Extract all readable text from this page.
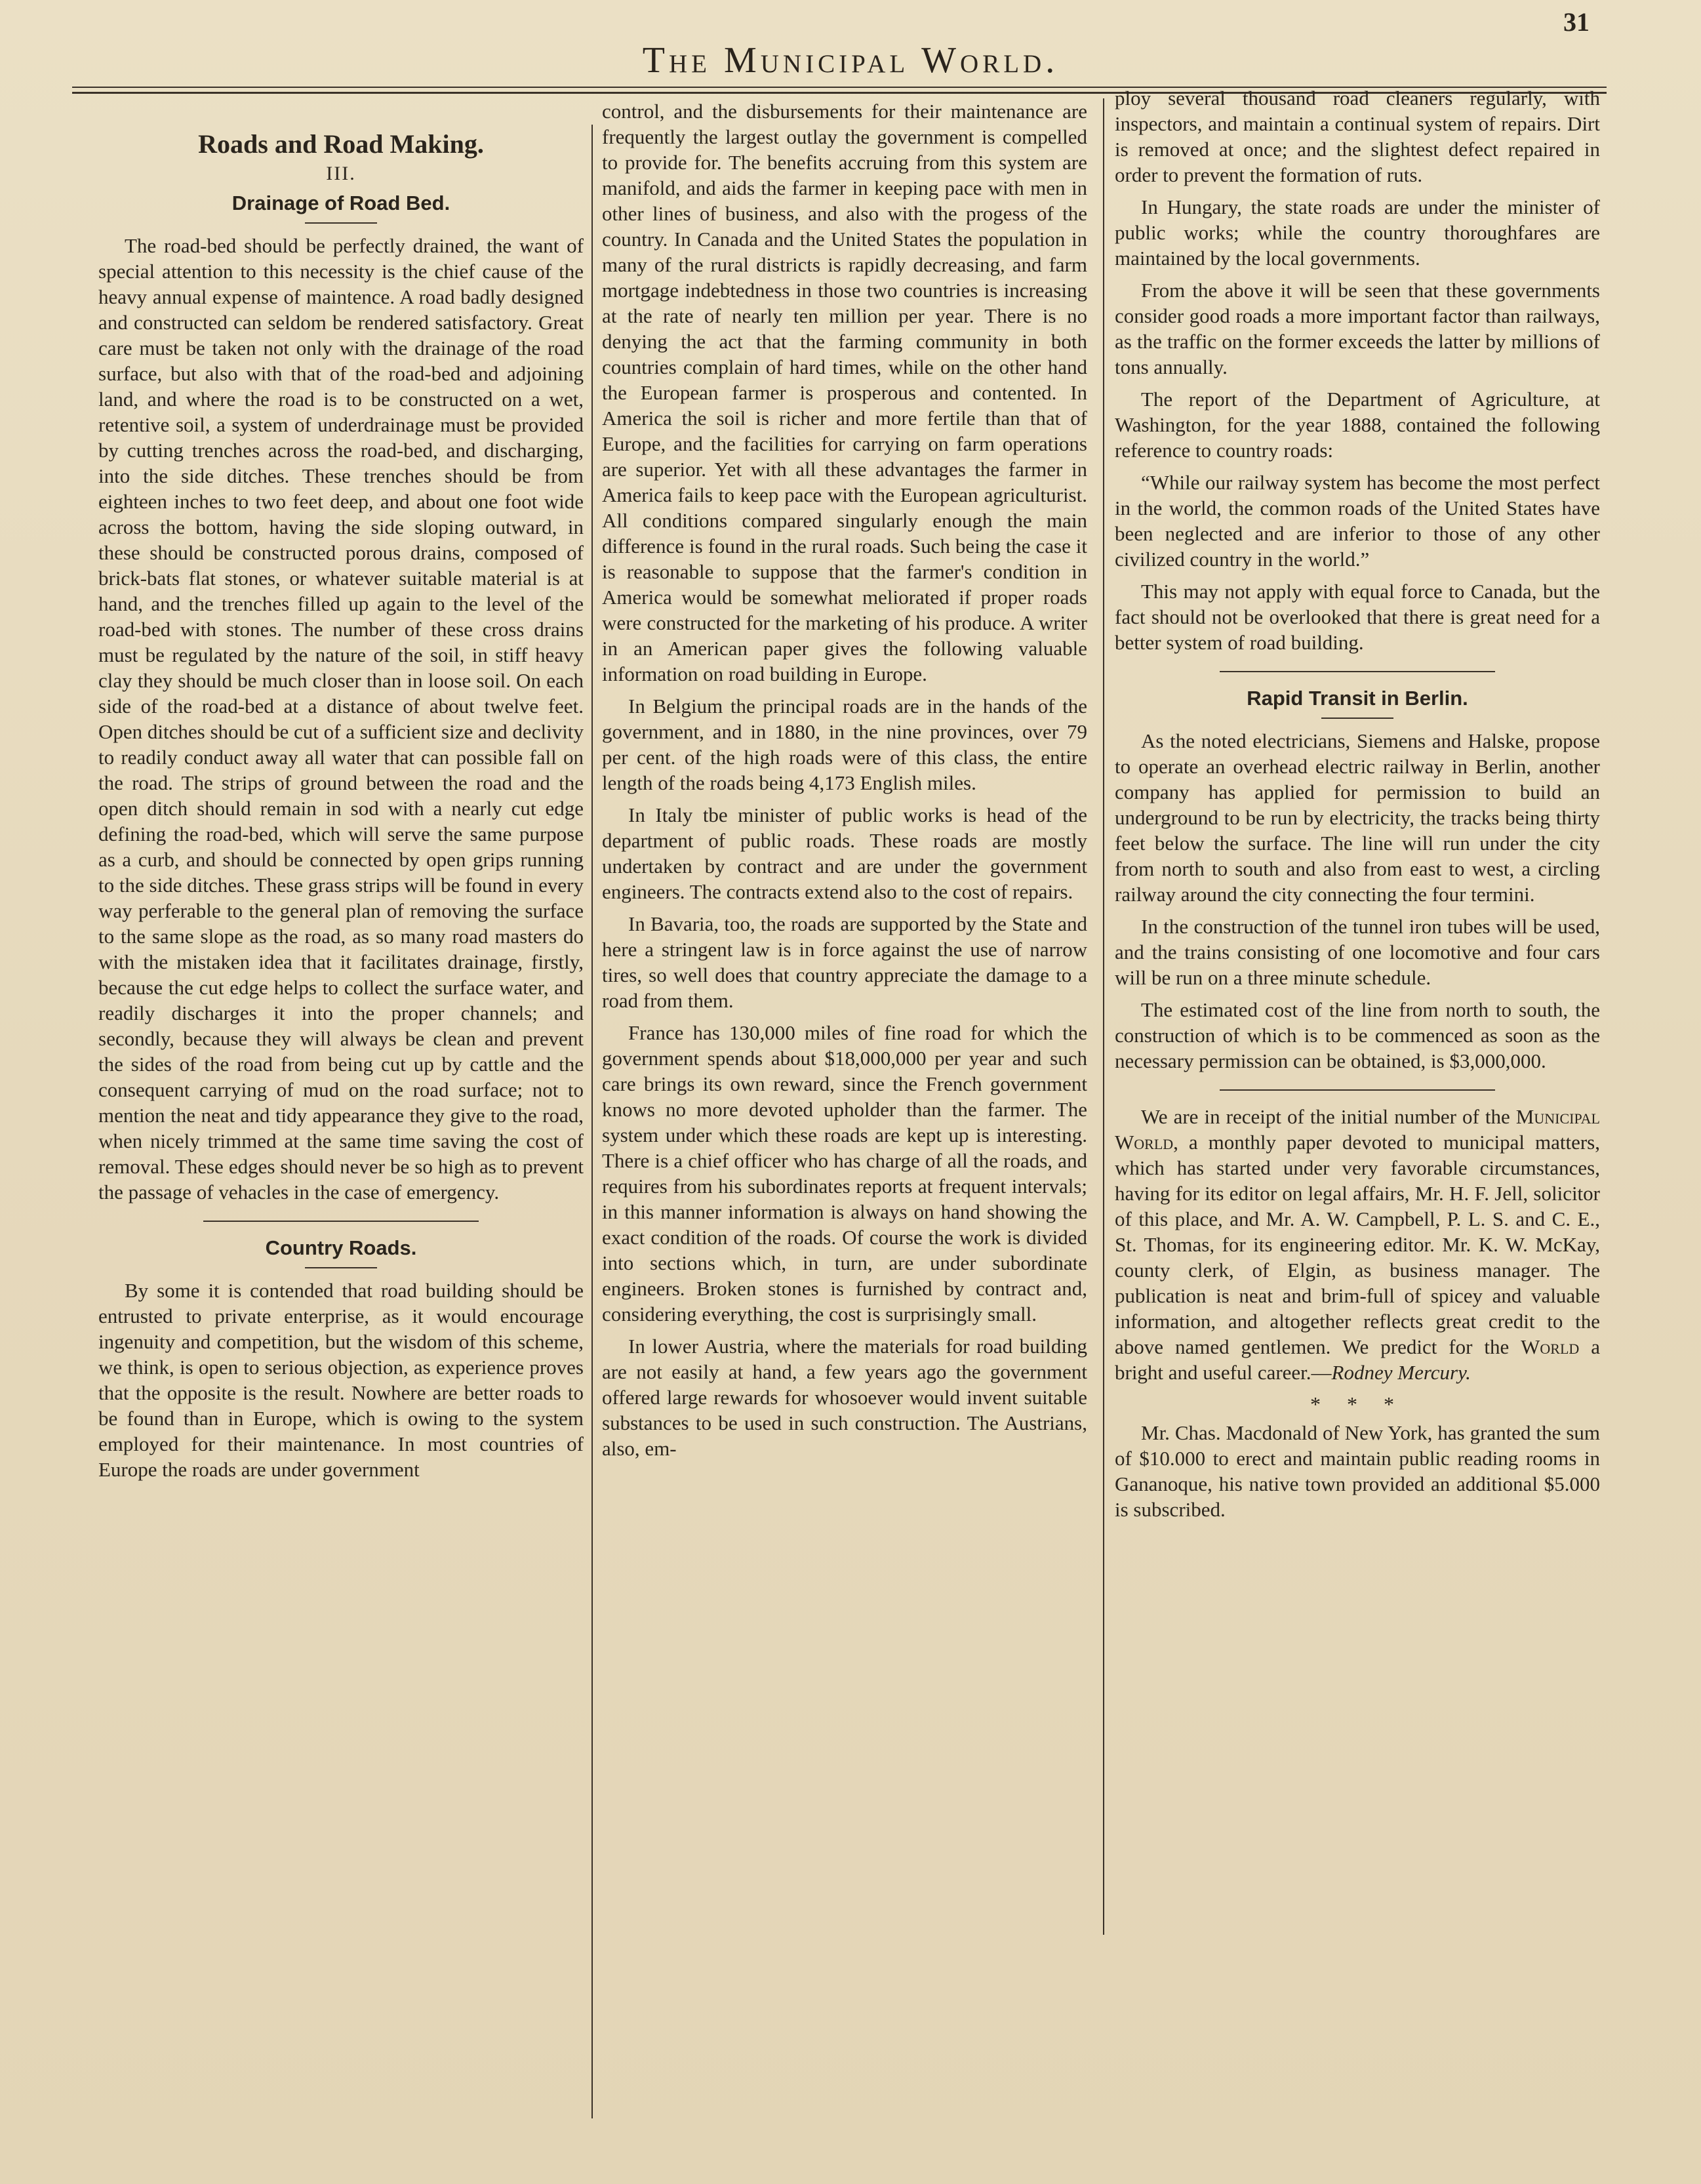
31
The Municipal World.
Roads and Road Making.
III.
Drainage of Road Bed.

The road-bed should be perfectly drained, the want of special attention to this necessity is the chief cause of the heavy annual expense of maintence. A road badly designed and constructed can seldom be rendered satisfactory. Great care must be taken not only with the drainage of the road surface, but also with that of the road-bed and adjoining land, and where the road is to be constructed on a wet, retentive soil, a system of underdrainage must be provided by cutting trenches across the road-bed, and discharging, into the side ditches. These trenches should be from eighteen inches to two feet deep, and about one foot wide across the bottom, having the side sloping outward, in these should be constructed porous drains, composed of brick-bats flat stones, or whatever suitable material is at hand, and the trenches filled up again to the level of the road-bed with stones. The number of these cross drains must be regulated by the nature of the soil, in stiff heavy clay they should be much closer than in loose soil. On each side of the road-bed at a distance of about twelve feet. Open ditches should be cut of a sufficient size and declivity to readily conduct away all water that can possible fall on the road. The strips of ground between the road and the open ditch should remain in sod with a nearly cut edge defining the road-bed, which will serve the same purpose as a curb, and should be connected by open grips running to the side ditches. These grass strips will be found in every way perferable to the general plan of removing the surface to the same slope as the road, as so many road masters do with the mistaken idea that it facilitates drainage, firstly, because the cut edge helps to collect the surface water, and readily discharges it into the proper channels; and secondly, because they will always be clean and prevent the sides of the road from being cut up by cattle and the consequent carrying of mud on the road surface; not to mention the neat and tidy appearance they give to the road, when nicely trimmed at the same time saving the cost of removal. These edges should never be so high as to prevent the passage of vehacles in the case of emergency.

Country Roads.

By some it is contended that road building should be entrusted to private enterprise, as it would encourage ingenuity and competition, but the wisdom of this scheme, we think, is open to serious objection, as experience proves that the opposite is the result. Nowhere are better roads to be found than in Europe, which is owing to the system employed for their maintenance. In most countries of Europe the roads are under government

control, and the disbursements for their maintenance are frequently the largest outlay the government is compelled to provide for. The benefits accruing from this system are manifold, and aids the farmer in keeping pace with men in other lines of business, and also with the progess of the country. In Canada and the United States the population in many of the rural districts is rapidly decreasing, and farm mortgage indebtedness in those two countries is increasing at the rate of nearly ten million per year. There is no denying the act that the farming community in both countries complain of hard times, while on the other hand the European farmer is prosperous and contented. In America the soil is richer and more fertile than that of Europe, and the facilities for carrying on farm operations are superior. Yet with all these advantages the farmer in America fails to keep pace with the European agriculturist. All conditions compared singularly enough the main difference is found in the rural roads. Such being the case it is reasonable to suppose that the farmer's condition in America would be somewhat meliorated if proper roads were constructed for the marketing of his produce. A writer in an American paper gives the following valuable information on road building in Europe.

In Belgium the principal roads are in the hands of the government, and in 1880, in the nine provinces, over 79 per cent. of the high roads were of this class, the entire length of the roads being 4,173 English miles.

In Italy tbe minister of public works is head of the department of public roads. These roads are mostly undertaken by contract and are under the government engineers. The contracts extend also to the cost of repairs.

In Bavaria, too, the roads are supported by the State and here a stringent law is in force against the use of narrow tires, so well does that country appreciate the damage to a road from them.

France has 130,000 miles of fine road for which the government spends about $18,000,000 per year and such care brings its own reward, since the French government knows no more devoted upholder than the farmer. The system under which these roads are kept up is interesting. There is a chief officer who has charge of all the roads, and requires from his subordinates reports at frequent intervals; in this manner information is always on hand showing the exact condition of the roads. Of course the work is divided into sections which, in turn, are under subordinate engineers. Broken stones is furnished by contract and, considering everything, the cost is surprisingly small.

In lower Austria, where the materials for road building are not easily at hand, a few years ago the government offered large rewards for whosoever would invent suitable substances to be used in such construction. The Austrians, also, em-

ploy several thousand road cleaners regularly, with inspectors, and maintain a continual system of repairs. Dirt is removed at once; and the slightest defect repaired in order to prevent the formation of ruts.

In Hungary, the state roads are under the minister of public works; while the country thoroughfares are maintained by the local governments.

From the above it will be seen that these governments consider good roads a more important factor than railways, as the traffic on the former exceeds the latter by millions of tons annually.

The report of the Department of Agriculture, at Washington, for the year 1888, contained the following reference to country roads:

“While our railway system has become the most perfect in the world, the common roads of the United States have been neglected and are inferior to those of any other civilized country in the world.”

This may not apply with equal force to Canada, but the fact should not be overlooked that there is great need for a better system of road building.

Rapid Transit in Berlin.

As the noted electricians, Siemens and Halske, propose to operate an overhead electric railway in Berlin, another company has applied for permission to build an underground to be run by electricity, the tracks being thirty feet below the surface. The line will run under the city from north to south and also from east to west, a circling railway around the city connecting the four termini.

In the construction of the tunnel iron tubes will be used, and the trains consisting of one locomotive and four cars will be run on a three minute schedule.

The estimated cost of the line from north to south, the construction of which is to be commenced as soon as the necessary permission can be obtained, is $3,000,000.

We are in receipt of the initial number of the Municipal World, a monthly paper devoted to municipal matters, which has started under very favorable circumstances, having for its editor on legal affairs, Mr. H. F. Jell, solicitor of this place, and Mr. A. W. Campbell, P. L. S. and C. E., St. Thomas, for its engineering editor. Mr. K. W. McKay, county clerk, of Elgin, as business manager. The publication is neat and brim-full of spicey and valuable information, and altogether reflects great credit to the above named gentlemen. We predict for the World a bright and useful career.—Rodney Mercury.

* * *

Mr. Chas. Macdonald of New York, has granted the sum of $10.000 to erect and maintain public reading rooms in Gananoque, his native town provided an additional $5.000 is subscribed.
